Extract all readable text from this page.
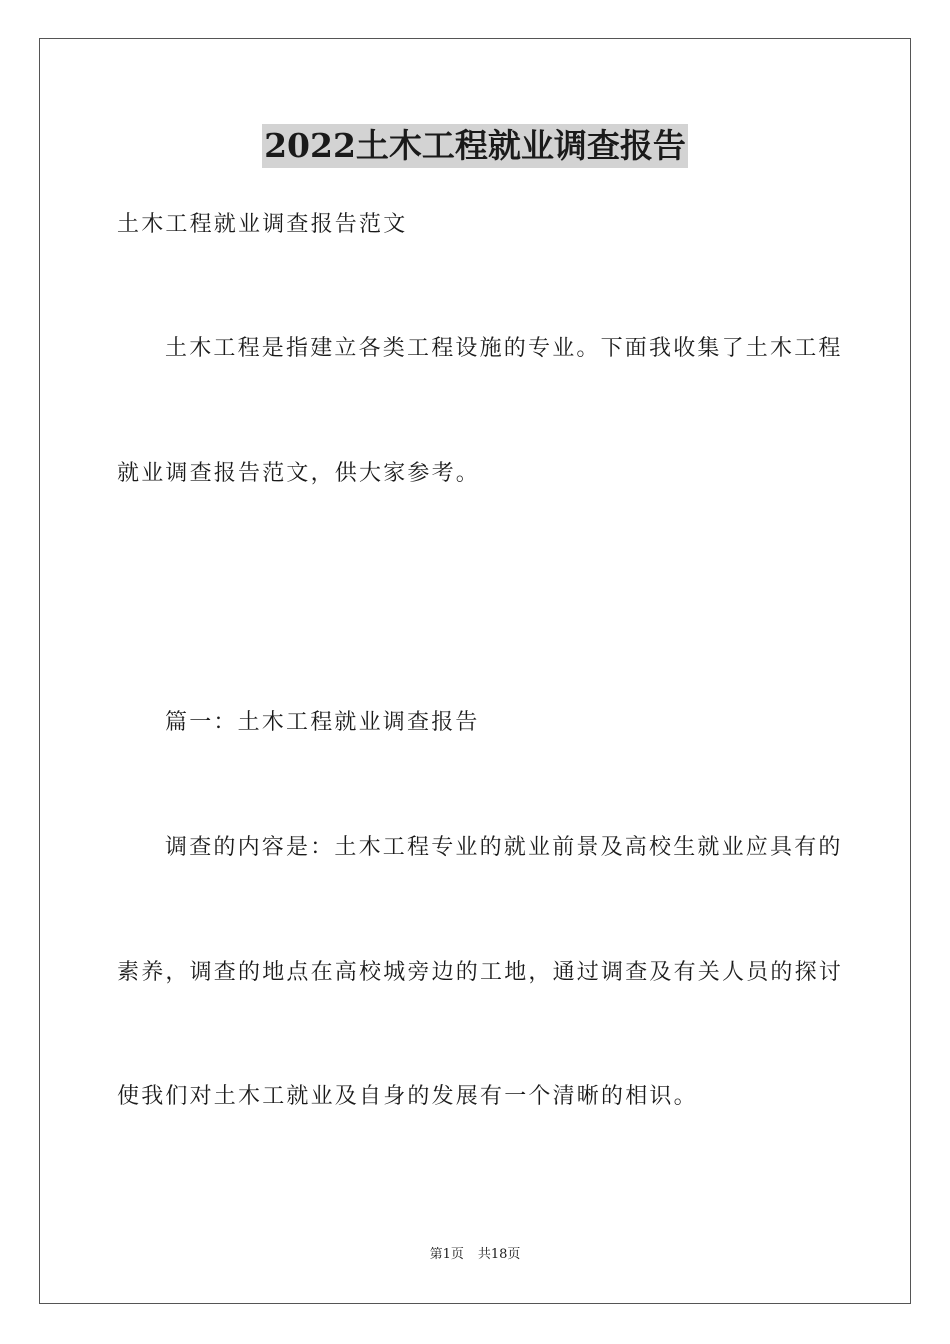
2022土木工程就业调查报告
土木工程就业调查报告范文
土木工程是指建立各类工程设施的专业。下面我收集了土木工程
就业调查报告范文，供大家参考。
篇一：土木工程就业调查报告
调查的内容是：土木工程专业的就业前景及高校生就业应具有的
素养，调查的地点在高校城旁边的工地，通过调查及有关人员的探讨
使我们对土木工就业及自身的发展有一个清晰的相识。
第1页 共18页
